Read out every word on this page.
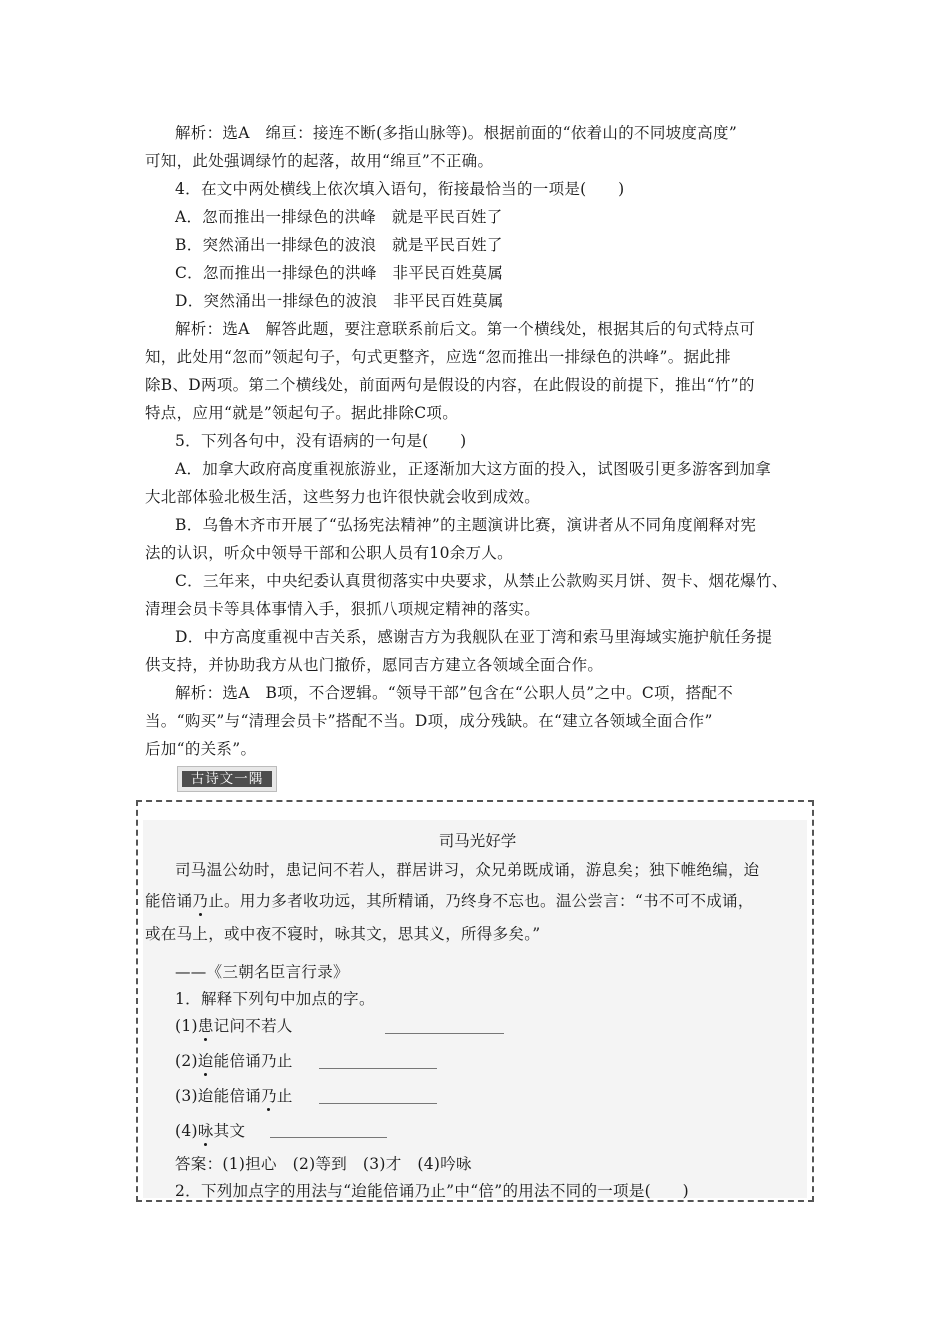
解析：选A　绵亘：接连不断(多指山脉等)。根据前面的“依着山的不同坡度高度”
可知，此处强调绿竹的起落，故用“绵亘”不正确。
4．在文中两处横线上依次填入语句，衔接最恰当的一项是(　　)
A．忽而推出一排绿色的洪峰　就是平民百姓了
B．突然涌出一排绿色的波浪　就是平民百姓了
C．忽而推出一排绿色的洪峰　非平民百姓莫属
D．突然涌出一排绿色的波浪　非平民百姓莫属
解析：选A　解答此题，要注意联系前后文。第一个横线处，根据其后的句式特点可
知，此处用“忽而”领起句子，句式更整齐，应选“忽而推出一排绿色的洪峰”。据此排
除B、D两项。第二个横线处，前面两句是假设的内容，在此假设的前提下，推出“竹”的
特点，应用“就是”领起句子。据此排除C项。
5．下列各句中，没有语病的一句是(　　)
A．加拿大政府高度重视旅游业，正逐渐加大这方面的投入，试图吸引更多游客到加拿
大北部体验北极生活，这些努力也许很快就会收到成效。
B．乌鲁木齐市开展了“弘扬宪法精神”的主题演讲比赛，演讲者从不同角度阐释对宪
法的认识，听众中领导干部和公职人员有10余万人。
C．三年来，中央纪委认真贯彻落实中央要求，从禁止公款购买月饼、贺卡、烟花爆竹、
清理会员卡等具体事情入手，狠抓八项规定精神的落实。
D．中方高度重视中吉关系，感谢吉方为我舰队在亚丁湾和索马里海域实施护航任务提
供支持，并协助我方从也门撤侨，愿同吉方建立各领域全面合作。
解析：选A　B项，不合逻辑。“领导干部”包含在“公职人员”之中。C项，搭配不
当。“购买”与“清理会员卡”搭配不当。D项，成分残缺。在“建立各领域全面合作”
后加“的关系”。
古诗文一隅
司马光好学
司马温公幼时，患记问不若人，群居讲习，众兄弟既成诵，游息矣；独下帷绝编，迨
能倍诵乃止。用力多者收功远，其所精诵，乃终身不忘也。温公尝言：“书不可不成诵，
或在马上，或中夜不寝时，咏其文，思其义，所得多矣。”
——《三朝名臣言行录》
1．解释下列句中加点的字。
(1)患记问不若人
(2)迨能倍诵乃止
(3)迨能倍诵乃止
(4)咏其文
答案：(1)担心　(2)等到　(3)才　(4)吟咏
2．下列加点字的用法与“迨能倍诵乃止”中“倍”的用法不同的一项是(　　)
